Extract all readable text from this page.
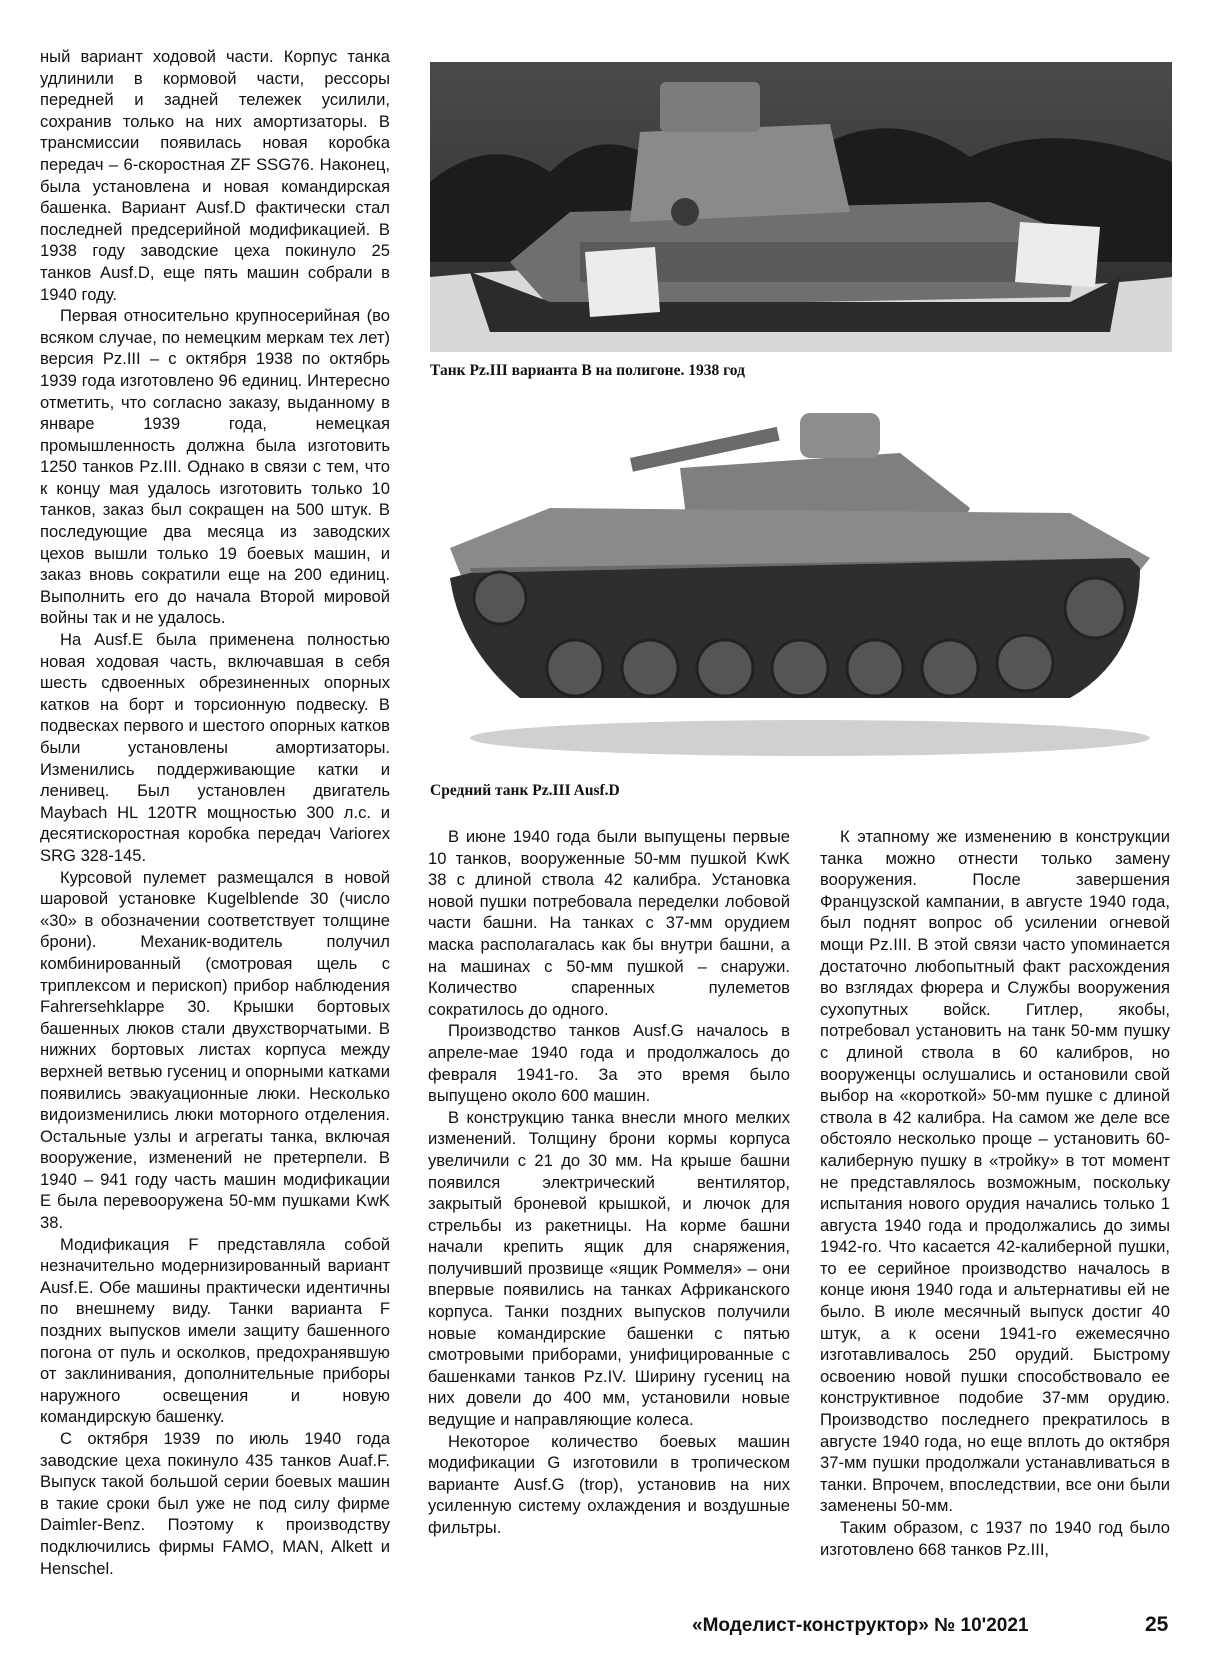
Танк Pz.III варианта В на полигоне. 1938 год
Средний танк Pz.III Ausf.D

ный вариант ходовой части. Корпус танка удлинили в кормовой части, рессоры передней и задней тележек усилили, сохранив только на них амортизаторы. В трансмиссии появилась новая коробка передач – 6-скоростная ZF SSG76. Наконец, была установлена и новая командирская башенка. Вариант Ausf.D фактически стал последней предсерийной модификацией. В 1938 году заводские цеха покинуло 25 танков Ausf.D, еще пять машин собрали в 1940 году.

Первая относительно крупносерийная (во всяком случае, по немецким меркам тех лет) версия Pz.III – с октября 1938 по октябрь 1939 года изготовлено 96 единиц. Интересно отметить, что согласно заказу, выданному в январе 1939 года, немецкая промышленность должна была изготовить 1250 танков Pz.III. Однако в связи с тем, что к концу мая удалось изготовить только 10 танков, заказ был сокращен на 500 штук. В последующие два месяца из заводских цехов вышли только 19 боевых машин, и заказ вновь сократили еще на 200 единиц. Выполнить его до начала Второй мировой войны так и не удалось.

На Ausf.E была применена полностью новая ходовая часть, включавшая в себя шесть сдвоенных обрезиненных опорных катков на борт и торсионную подвеску. В подвесках первого и шестого опорных катков были установлены амортизаторы. Изменились поддерживающие катки и ленивец. Был установлен двигатель Maybach HL 120TR мощностью 300 л.с. и десятискоростная коробка передач Variorex SRG 328-145.

Курсовой пулемет размещался в новой шаровой установке Kugelblende 30 (число «30» в обозначении соответствует толщине брони). Механик-водитель получил комбинированный (смотровая щель с триплексом и перископ) прибор наблюдения Fahrersehklappe 30. Крышки бортовых башенных люков стали двухстворчатыми. В нижних бортовых листах корпуса между верхней ветвью гусениц и опорными катками появились эвакуационные люки. Несколько видоизменились люки моторного отделения. Остальные узлы и агрегаты танка, включая вооружение, изменений не претерпели. В 1940 – 941 году часть машин модификации Е была перевооружена 50-мм пушками KwK 38.

Модификация F представляла собой незначительно модернизированный вариант Ausf.E. Обе машины практически идентичны по внешнему виду. Танки варианта F поздних выпусков имели защиту башенного погона от пуль и осколков, предохранявшую от заклинивания, дополнительные приборы наружного освещения и новую командирскую башенку.

С октября 1939 по июль 1940 года заводские цеха покинуло 435 танков Auaf.F. Выпуск такой большой серии боевых машин в такие сроки был уже не под силу фирме Daimler-Benz. Поэтому к производству подключились фирмы FAMO, MAN, Alkett и Henschel.

В июне 1940 года были выпущены первые 10 танков, вооруженные 50-мм пушкой KwK 38 с длиной ствола 42 калибра. Установка новой пушки потребовала переделки лобовой части башни. На танках с 37-мм орудием маска располагалась как бы внутри башни, а на машинах с 50-мм пушкой – снаружи. Количество спаренных пулеметов сократилось до одного.

Производство танков Ausf.G началось в апреле-мае 1940 года и продолжалось до февраля 1941-го. За это время было выпущено около 600 машин.

В конструкцию танка внесли много мелких изменений. Толщину брони кормы корпуса увеличили с 21 до 30 мм. На крыше башни появился электрический вентилятор, закрытый броневой крышкой, и лючок для стрельбы из ракетницы. На корме башни начали крепить ящик для снаряжения, получивший прозвище «ящик Роммеля» – они впервые появились на танках Африканского корпуса. Танки поздних выпусков получили новые командирские башенки с пятью смотровыми приборами, унифицированные с башенками танков Pz.IV. Ширину гусениц на них довели до 400 мм, установили новые ведущие и направляющие колеса.

Некоторое количество боевых машин модификации G изготовили в тропическом варианте Ausf.G (trop), установив на них усиленную систему охлаждения и воздушные фильтры.

К этапному же изменению в конструкции танка можно отнести только замену вооружения. После завершения Французской кампании, в августе 1940 года, был поднят вопрос об усилении огневой мощи Pz.III. В этой связи часто упоминается достаточно любопытный факт расхождения во взглядах фюрера и Службы вооружения сухопутных войск. Гитлер, якобы, потребовал установить на танк 50-мм пушку с длиной ствола в 60 калибров, но вооруженцы ослушались и остановили свой выбор на «короткой» 50-мм пушке с длиной ствола в 42 калибра. На самом же деле все обстояло несколько проще – установить 60-калиберную пушку в «тройку» в тот момент не представлялось возможным, поскольку испытания нового орудия начались только 1 августа 1940 года и продолжались до зимы 1942-го. Что касается 42-калиберной пушки, то ее серийное производство началось в конце июня 1940 года и альтернативы ей не было. В июле месячный выпуск достиг 40 штук, а к осени 1941-го ежемесячно изготавливалось 250 орудий. Быстрому освоению новой пушки способствовало ее конструктивное подобие 37-мм орудию. Производство последнего прекратилось в августе 1940 года, но еще вплоть до октября 37-мм пушки продолжали устанавливаться в танки. Впрочем, впоследствии, все они были заменены 50-мм.

Таким образом, с 1937 по 1940 год было изготовлено 668 танков Pz.III,

«Моделист-конструктор» № 10'2021	25
